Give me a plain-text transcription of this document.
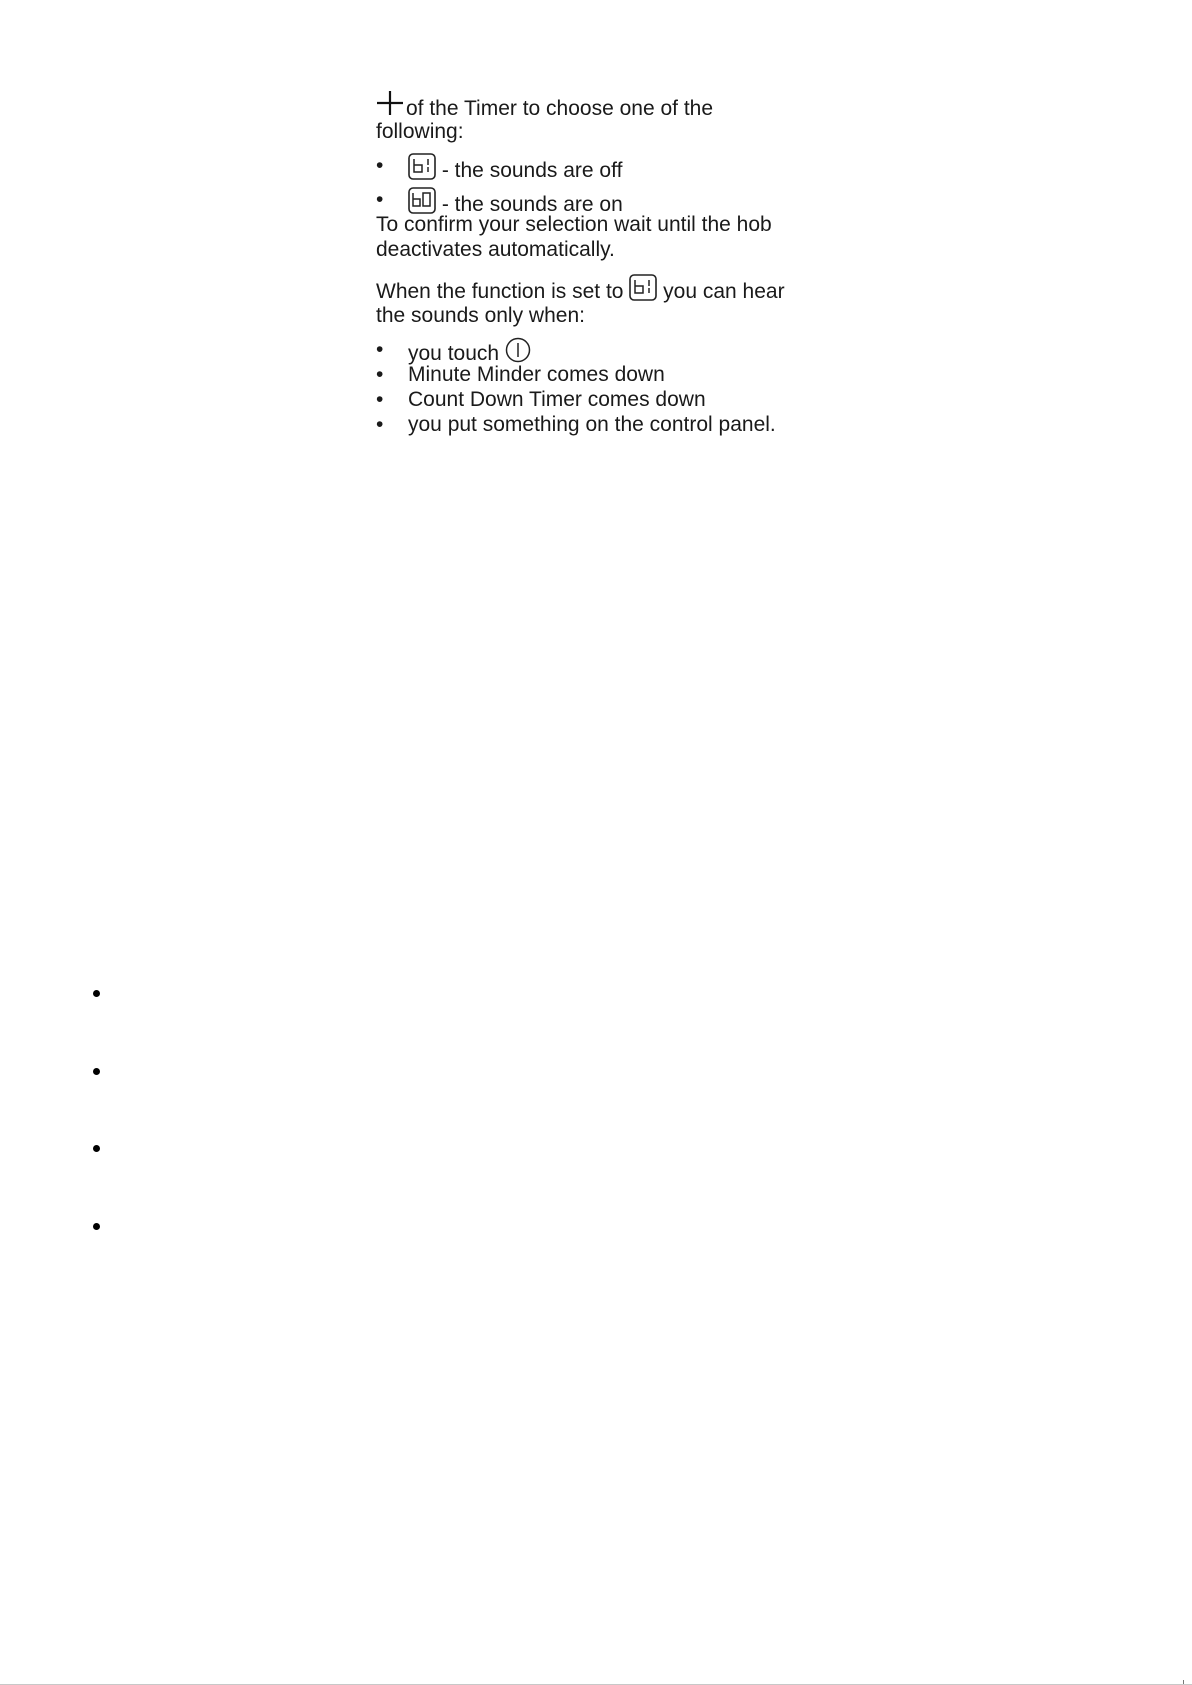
of the Timer to choose one of the
following:
•	- the sounds are off
•	- the sounds are on
To confirm your selection wait until the hob
deactivates automatically.
When the function is set to you can hear
the sounds only when:
•	you touch
•	Minute Minder comes down
•	Count Down Timer comes down
•	you put something on the control panel.
